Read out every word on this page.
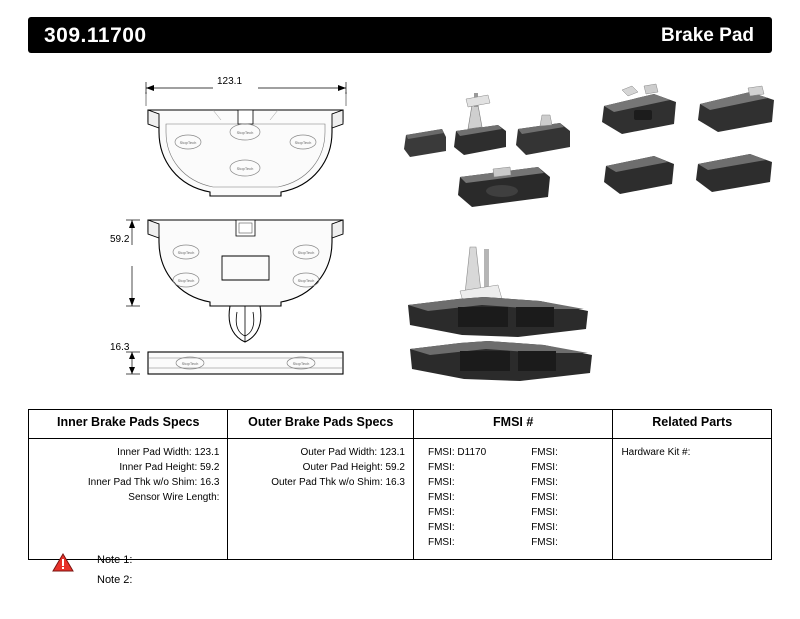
309.11700	Brake Pad
123.1
59.2
16.3
StopTech	StopTech
StopTech
StopTech
StopTech	StopTech
StopTech	StopTech
StopTech	StopTech
Inner Brake Pads Specs
Inner Pad Width: 123.1
Inner Pad Height: 59.2
Inner Pad Thk w/o Shim: 16.3
Sensor Wire Length:
Outer Brake Pads Specs
Outer Pad Width: 123.1
Outer Pad Height: 59.2
Outer Pad Thk w/o Shim: 16.3
FMSI #
FMSI: D1170	FMSI:
FMSI:	FMSI:
FMSI:	FMSI:
FMSI:	FMSI:
FMSI:	FMSI:
FMSI:	FMSI:
FMSI:	FMSI:
Related Parts
Hardware Kit #:
Note 1:
Note 2:
